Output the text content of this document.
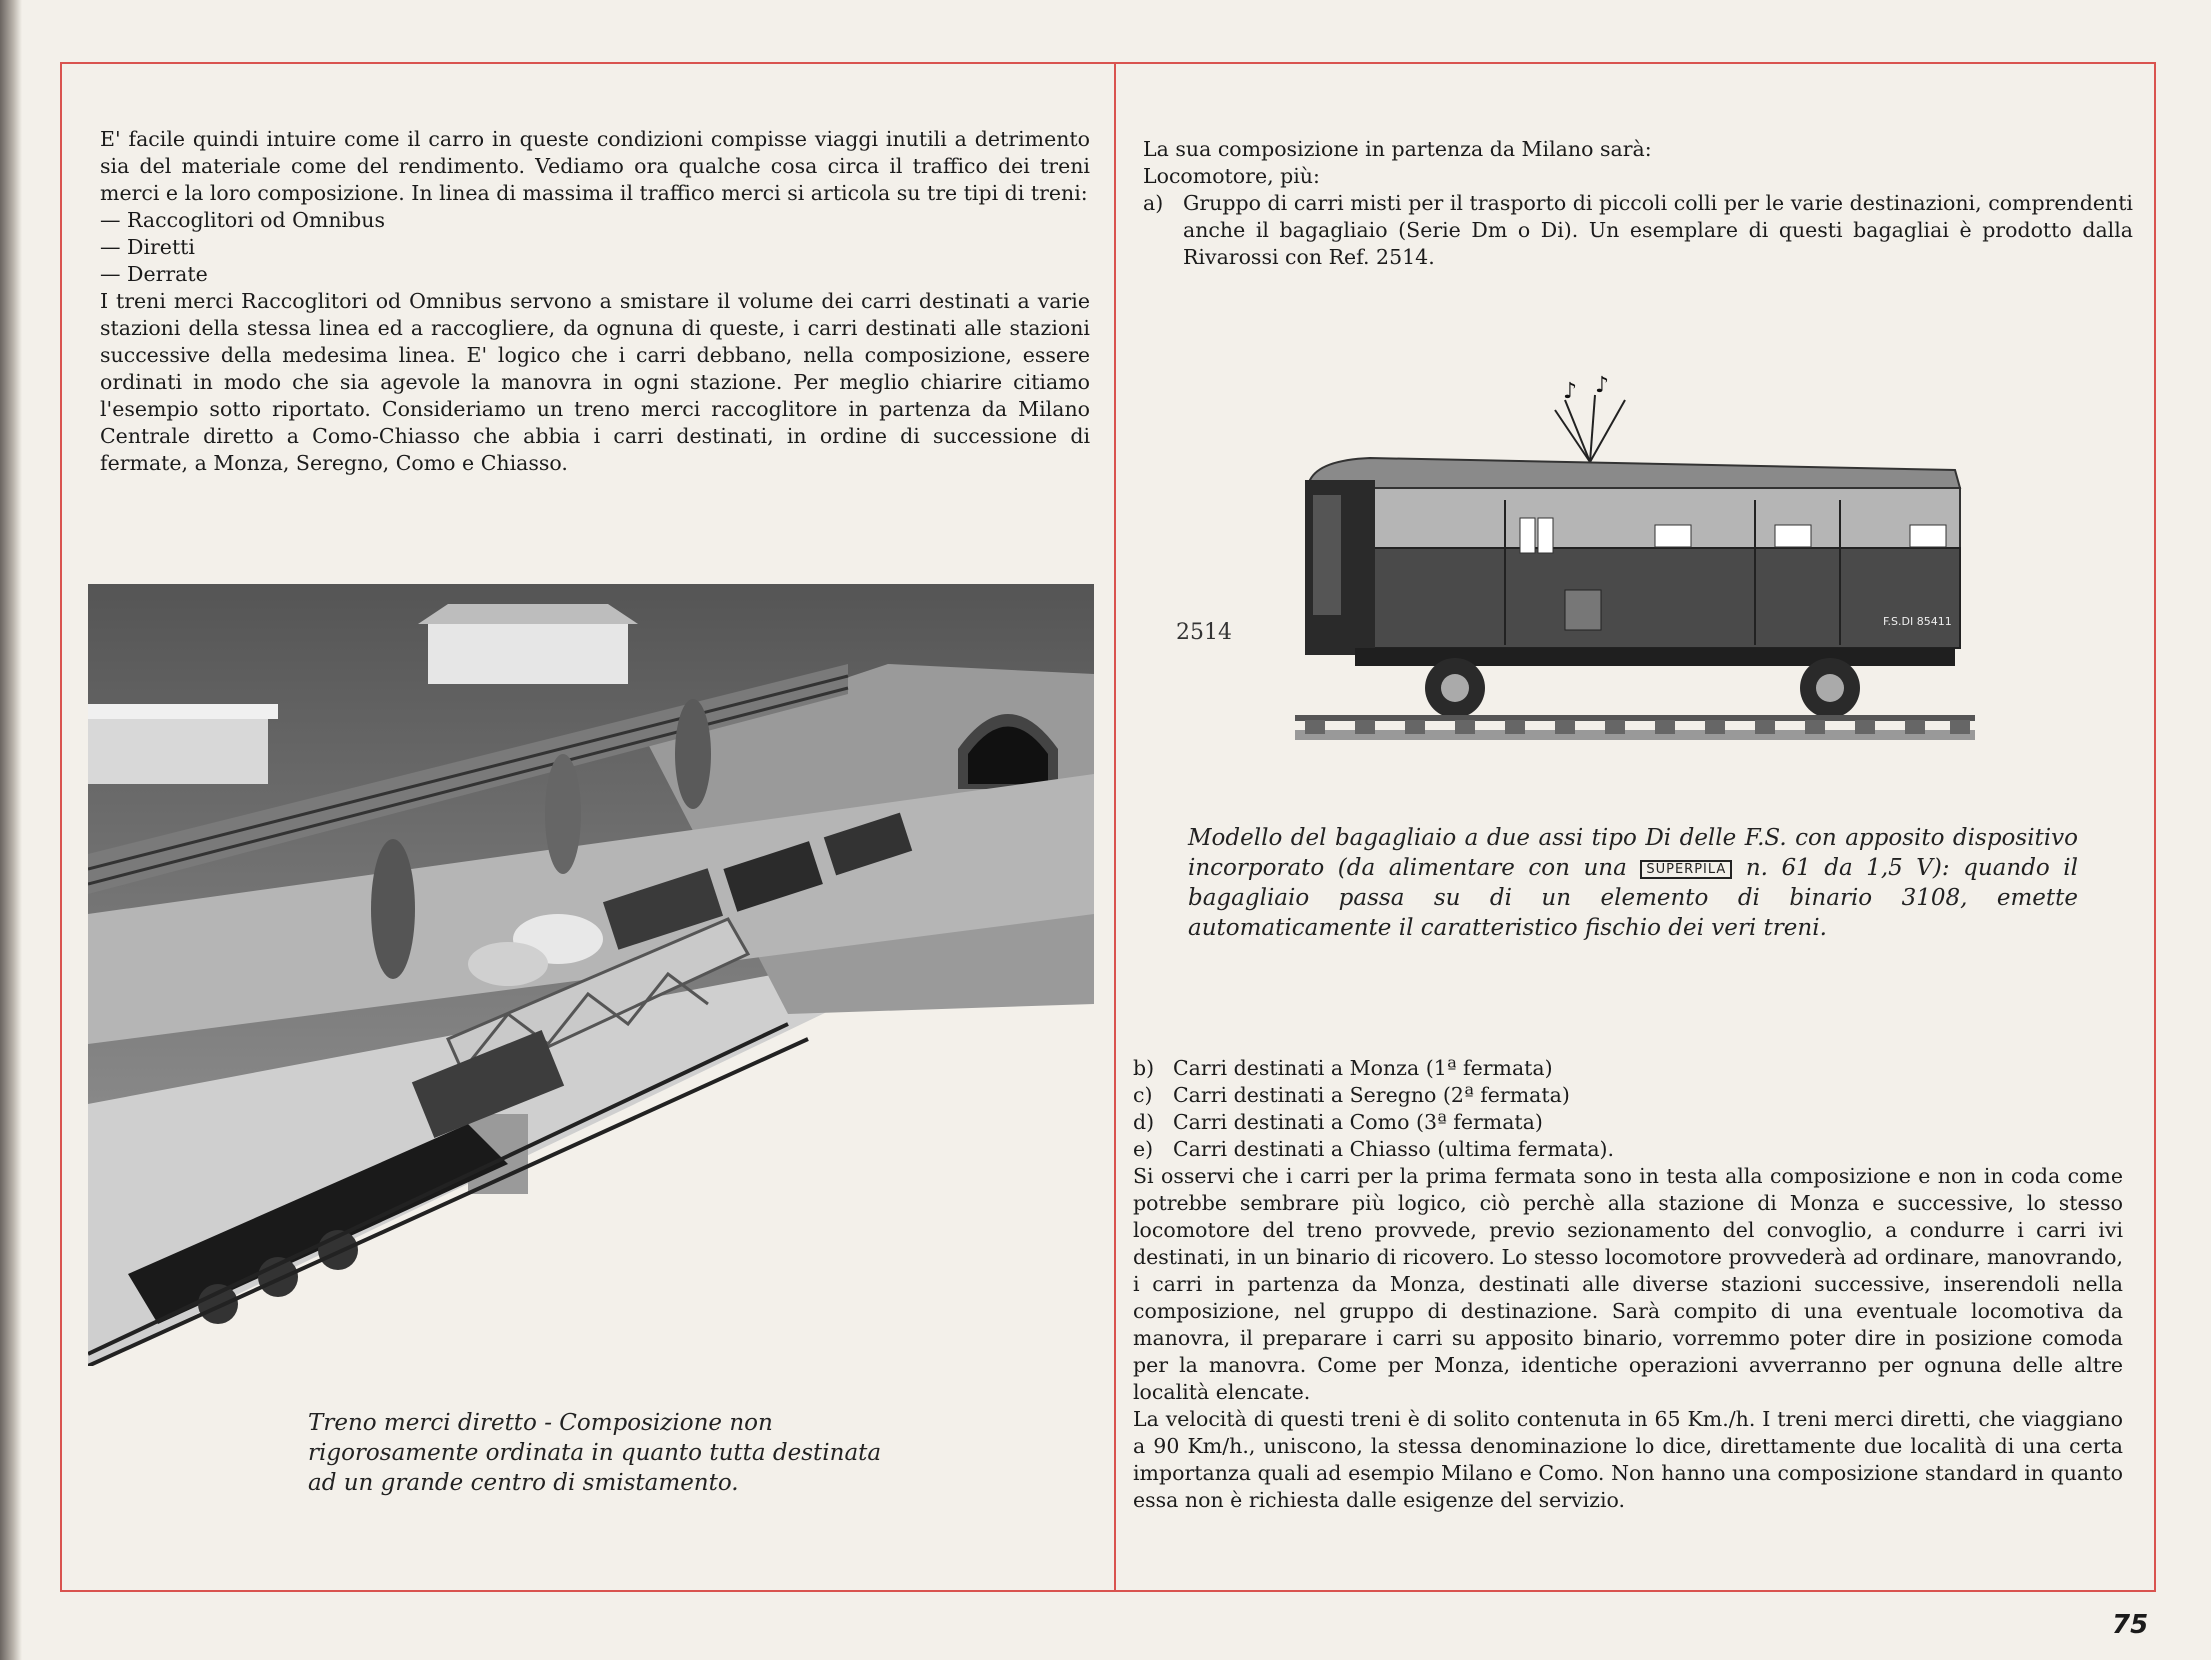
E' facile quindi intuire come il carro in queste condizioni compisse viaggi inutili a detrimento sia del materiale come del rendimento. Vediamo ora qualche cosa circa il traffico dei treni merci e la loro composizione. In linea di massima il traffico merci si articola su tre tipi di treni:

— Raccoglitori od Omnibus
— Diretti
— Derrate

I treni merci Raccoglitori od Omnibus servono a smistare il volume dei carri destinati a varie stazioni della stessa linea ed a raccogliere, da ognuna di queste, i carri destinati alle stazioni successive della medesima linea. E' logico che i carri debbano, nella composizione, essere ordinati in modo che sia agevole la manovra in ogni stazione. Per meglio chiarire citiamo l'esempio sotto riportato. Consideriamo un treno merci raccoglitore in partenza da Milano Centrale diretto a Como-Chiasso che abbia i carri destinati, in ordine di successione di fermate, a Monza, Seregno, Como e Chiasso.

Treno merci diretto - Composizione non rigorosamente ordinata in quanto tutta destinata ad un grande centro di smistamento.

La sua composizione in partenza da Milano sarà:

Locomotore, più:

a) Gruppo di carri misti per il trasporto di piccoli colli per le varie destinazioni, comprendenti anche il bagagliaio (Serie Dm o Di). Un esemplare di questi bagagliai è prodotto dalla Rivarossi con Ref. 2514.
2514
♪ ♪
F.S.DI 85411
Modello del bagagliaio a due assi tipo Di delle F.S. con apposito dispositivo incorporato (da alimentare con una SUPERPILA n. 61 da 1,5 V): quando il bagagliaio passa su di un elemento di binario 3108, emette automaticamente il caratteristico fischio dei veri treni.
b) Carri destinati a Monza (1ª fermata)
c)	Carri destinati a Seregno (2ª fermata)
d) Carri destinati a Como (3ª fermata)
e) Carri destinati a Chiasso (ultima fermata).

Si osservi che i carri per la prima fermata sono in testa alla composizione e non in coda come potrebbe sembrare più logico, ciò perchè alla stazione di Monza e successive, lo stesso locomotore del treno provvede, previo sezionamento del convoglio, a condurre i carri ivi destinati, in un binario di ricovero. Lo stesso locomotore provvederà ad ordinare, manovrando, i carri in partenza da Monza, destinati alle diverse stazioni successive, inserendoli nella composizione, nel gruppo di destinazione. Sarà compito di una eventuale locomotiva da manovra, il preparare i carri su apposito binario, vorremmo poter dire in posizione comoda per la manovra. Come per Monza, identiche operazioni avverranno per ognuna delle altre località elencate.

La velocità di questi treni è di solito contenuta in 65 Km./h. I treni merci diretti, che viaggiano a 90 Km/h., uniscono, la stessa denominazione lo dice, direttamente due località di una certa importanza quali ad esempio Milano e Como. Non hanno una composizione standard in quanto essa non è richiesta dalle esigenze del servizio.

75
